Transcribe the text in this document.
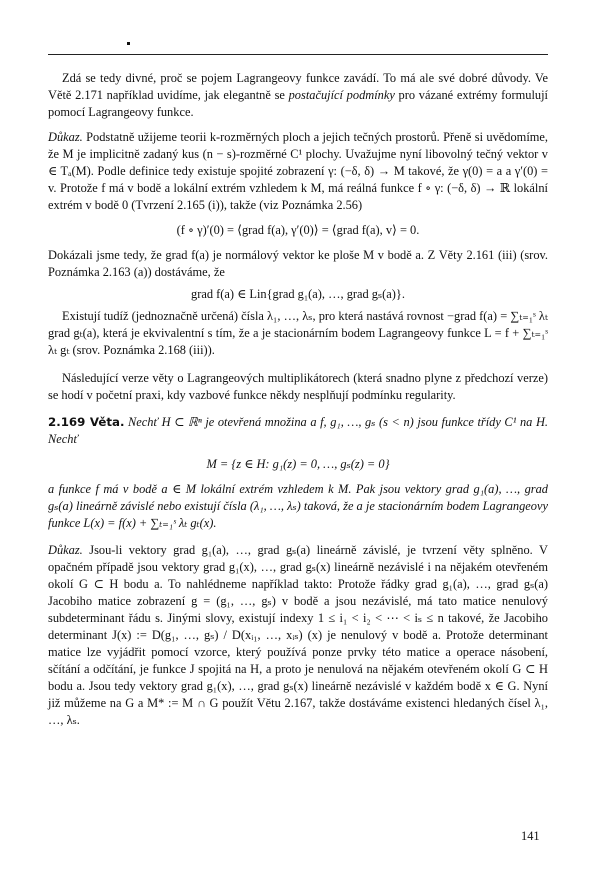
Zdá se tedy divné, proč se pojem Lagrangeovy funkce zavádí. To má ale své dobré důvody. Ve Větě 2.171 například uvidíme, jak elegantně se postačující podmínky pro vázané extrémy formulují pomocí Lagrangeovy funkce.

Důkaz. Podstatně užijeme teorii k-rozměrných ploch a jejich tečných prostorů. Přeně si uvědomíme, že M je implicitně zadaný kus (n − s)-rozměrné C¹ plochy. Uvažujme nyní libovolný tečný vektor v ∈ Tₐ(M). Podle definice tedy existuje spojité zobrazení γ: (−δ, δ) → M takové, že γ(0) = a a γ′(0) = v. Protože f má v bodě a lokální extrém vzhledem k M, má reálná funkce f ∘ γ: (−δ, δ) → ℝ lokální extrém v bodě 0 (Tvrzení 2.165 (i)), takže (viz Poznámka 2.56)

(f ∘ γ)′(0) = ⟨grad f(a), γ′(0)⟩ = ⟨grad f(a), v⟩ = 0.

Dokázali jsme tedy, že grad f(a) je normálový vektor ke ploše M v bodě a. Z Věty 2.161 (iii) (srov. Poznámka 2.163 (a)) dostáváme, že

grad f(a) ∈ Lin{grad g₁(a), …, grad gₛ(a)}.

Existují tudíž (jednoznačně určená) čísla λ₁, …, λₛ, pro která nastává rovnost −grad f(a) = ∑ₜ₌₁ˢ λₜ grad gₜ(a), která je ekvivalentní s tím, že a je stacionárním bodem Lagrangeovy funkce L = f + ∑ₜ₌₁ˢ λₜ gₜ (srov. Poznámka 2.168 (iii)).

Následující verze věty o Lagrangeových multiplikátorech (která snadno plyne z předchozí verze) se hodí v početní praxi, kdy vazbové funkce někdy nesplňují podmínku regularity.

2.169 Věta. Nechť H ⊂ ℝⁿ je otevřená množina a f, g₁, …, gₛ (s < n) jsou funkce třídy C¹ na H. Nechť

M = {z ∈ H: g₁(z) = 0, …, gₛ(z) = 0}

a funkce f má v bodě a ∈ M lokální extrém vzhledem k M. Pak jsou vektory grad g₁(a), …, grad gₛ(a) lineárně závislé nebo existují čísla (λ₁, …, λₛ) taková, že a je stacionárním bodem Lagrangeovy funkce L(x) = f(x) + ∑ₜ₌₁ˢ λₜ gₜ(x).

Důkaz. Jsou-li vektory grad g₁(a), …, grad gₛ(a) lineárně závislé, je tvrzení věty splněno. V opačném případě jsou vektory grad g₁(x), …, grad gₛ(x) lineárně nezávislé i na nějakém otevřeném okolí G ⊂ H bodu a. To nahlédneme například takto: Protože řádky grad g₁(a), …, grad gₛ(a) Jacobiho matice zobrazení g = (g₁, …, gₛ) v bodě a jsou nezávislé, má tato matice nenulový subdeterminant řádu s. Jinými slovy, existují indexy 1 ≤ i₁ < i₂ < ⋯ < iₛ ≤ n takové, že Jacobiho determinant J(x) := D(g₁, …, gₛ) / D(xᵢ₁, …, xᵢₛ) (x) je nenulový v bodě a. Protože determinant matice lze vyjádřit pomocí vzorce, který používá ponze prvky této matice a operace násobení, sčítání a odčítání, je funkce J spojitá na H, a proto je nenulová na nějakém otevřeném okolí G ⊂ H bodu a. Jsou tedy vektory grad g₁(x), …, grad gₛ(x) lineárně nezávislé v každém bodě x ∈ G. Nyní již můžeme na G a M* := M ∩ G použít Větu 2.167, takže dostáváme existenci hledaných čísel λ₁, …, λₛ.

141
